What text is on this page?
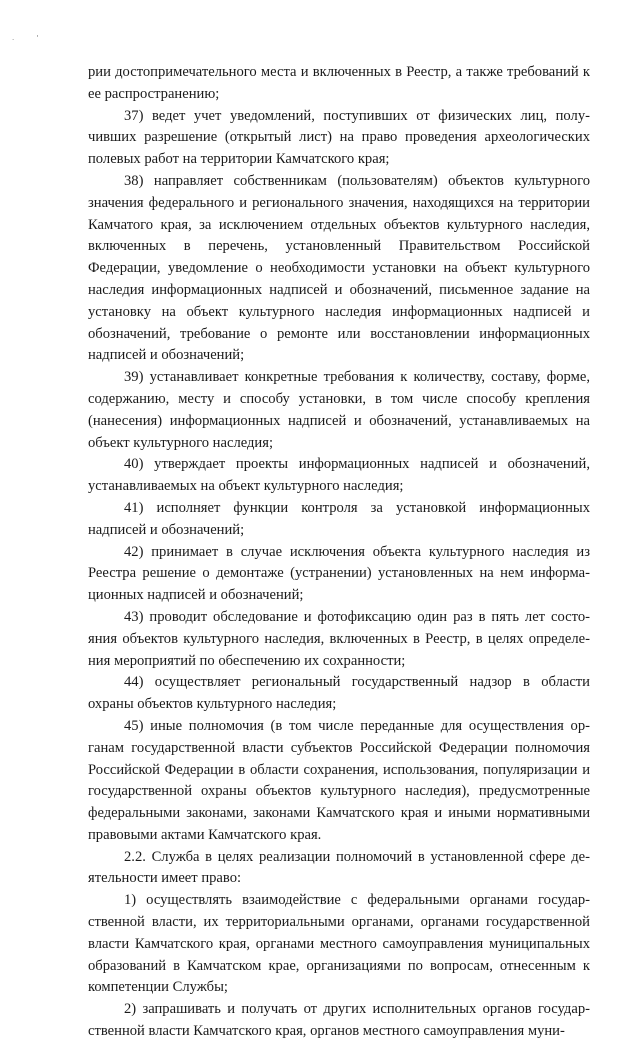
. '

рии достопримечательного места и включенных в Реестр, а также требований к ее распространению;

37) ведет учет уведомлений, поступивших от физических лиц, получивших разрешение (открытый лист) на право проведения археологических полевых работ на территории Камчатского края;

38) направляет собственникам (пользователям) объектов культурного значения федерального и регионального значения, находящихся на территории Камчатого края, за исключением отдельных объектов культурного наследия, включенных в перечень, установленный Правительством Российской Федерации, уведомление о необходимости установки на объект культурного наследия информационных надписей и обозначений, письменное задание на установку на объект культурного наследия информационных надписей и обозначений, требование о ремонте или восстановлении информационных надписей и обозначений;

39) устанавливает конкретные требования к количеству, составу, форме, содержанию, месту и способу установки, в том числе способу крепления (нанесения) информационных надписей и обозначений, устанавливаемых на объект культурного наследия;

40) утверждает проекты информационных надписей и обозначений, устанавливаемых на объект культурного наследия;

41) исполняет функции контроля за установкой информационных надписей и обозначений;

42) принимает в случае исключения объекта культурного наследия из Реестра решение о демонтаже (устранении) установленных на нем информационных надписей и обозначений;

43) проводит обследование и фотофиксацию один раз в пять лет состояния объектов культурного наследия, включенных в Реестр, в целях определения мероприятий по обеспечению их сохранности;

44) осуществляет региональный государственный надзор в области охраны объектов культурного наследия;

45) иные полномочия (в том числе переданные для осуществления органам государственной власти субъектов Российской Федерации полномочия Российской Федерации в области сохранения, использования, популяризации и государственной охраны объектов культурного наследия), предусмотренные федеральными законами, законами Камчатского края и иными нормативными правовыми актами Камчатского края.

2.2. Служба в целях реализации полномочий в установленной сфере деятельности имеет право:

1) осуществлять взаимодействие с федеральными органами государственной власти, их территориальными органами, органами государственной власти Камчатского края, органами местного самоуправления муниципальных образований в Камчатском крае, организациями по вопросам, отнесенным к компетенции Службы;

2) запрашивать и получать от других исполнительных органов государственной власти Камчатского края, органов местного самоуправления муни-
